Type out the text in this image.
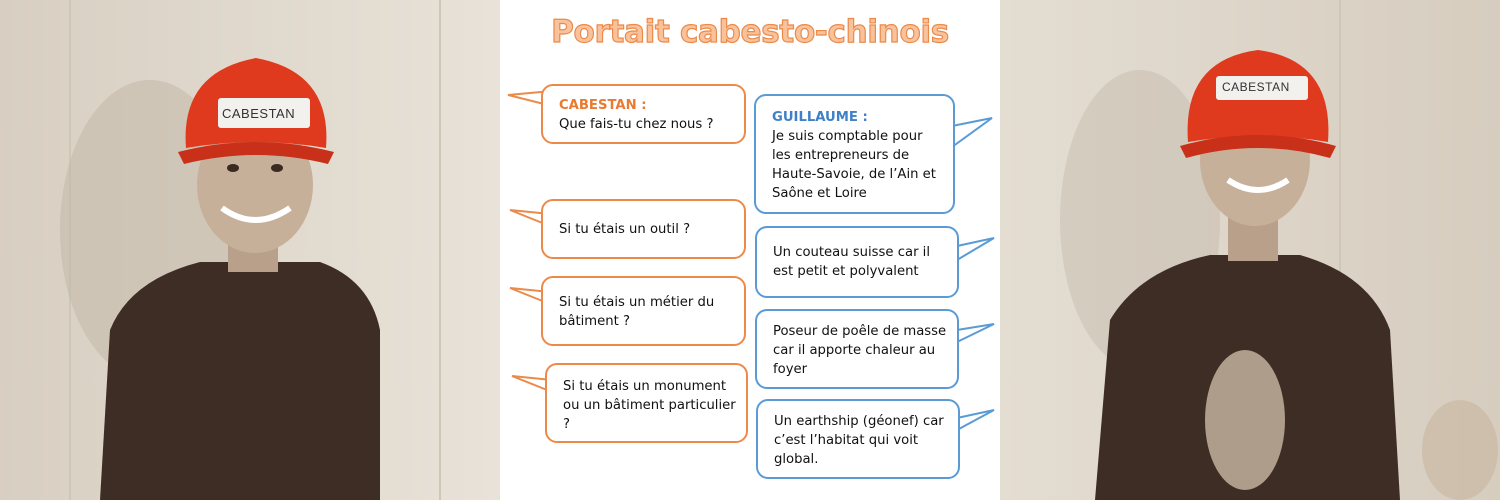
CABESTAN
Portait cabesto-chinois
CABESTAN :
Que fais-tu chez nous ?
Si tu étais un outil ?
Si tu étais un métier du bâtiment ?
Si tu étais un monument ou un bâtiment particulier ?
GUILLAUME :
Je suis comptable pour les entrepreneurs de Haute-Savoie, de l’Ain et Saône et Loire
Un couteau suisse car il est petit et polyvalent
Poseur de poêle de masse car il apporte chaleur au foyer
Un earthship (géonef) car c’est l’habitat qui voit global.
CABESTAN
